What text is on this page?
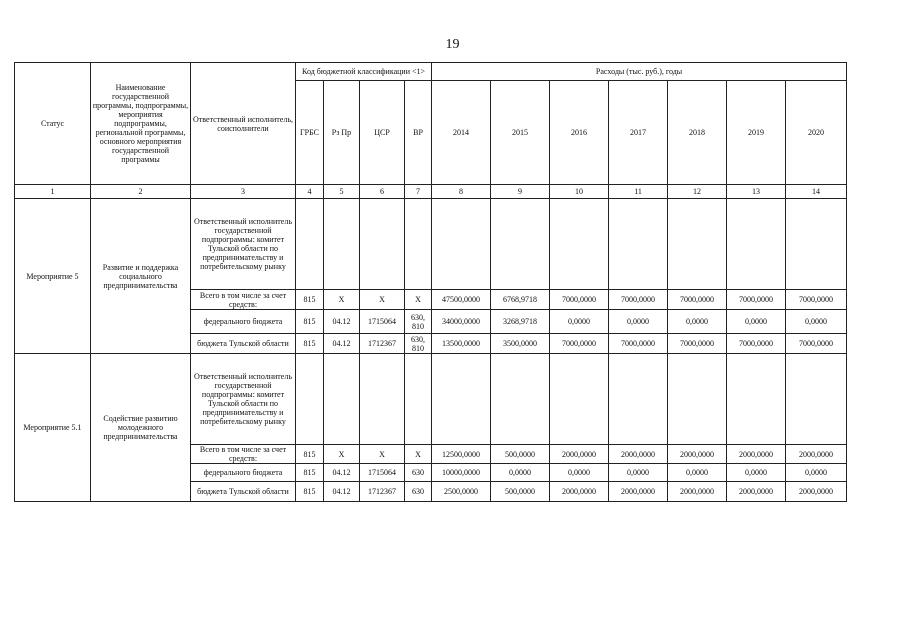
19
Статус	Наименование государственной программы, подпрограммы, мероприятия подпрограммы, региональной программы, основного мероприятия государственной программы	Ответственный исполнитель, соисполнители	Код бюджетной классификации <1>				Расходы (тыс. руб.), годы						
			ГРБС	Рз Пр	ЦСР	ВР	2014	2015	2016	2017	2018	2019	2020
1	2	3	4	5	6	7	8	9	10	11	12	13	14
Мероприятие 5	Развитие и поддержка социального предпринимательства	Ответственный исполнитель государственной подпрограммы: комитет Тульской области по предпринимательству и потребительскому рынку											
		Всего в том числе за счет средств:	815	X	X	X	47500,0000	6768,9718	7000,0000	7000,0000	7000,0000	7000,0000	7000,0000
		федерального бюджета	815	04.12	1715064	630, 810	34000,0000	3268,9718	0,0000	0,0000	0,0000	0,0000	0,0000
		бюджета Тульской области	815	04.12	1712367	630, 810	13500,0000	3500,0000	7000,0000	7000,0000	7000,0000	7000,0000	7000,0000
Мероприятие 5.1	Содействие развитию молодежного предпринимательства	Ответственный исполнитель государственной подпрограммы: комитет Тульской области по предпринимательству и потребительскому рынку											
		Всего в том числе за счет средств:	815	X	X	X	12500,0000	500,0000	2000,0000	2000,0000	2000,0000	2000,0000	2000,0000
		федерального бюджета	815	04.12	1715064	630	10000,0000	0,0000	0,0000	0,0000	0,0000	0,0000	0,0000
		бюджета Тульской области	815	04.12	1712367	630	2500,0000	500,0000	2000,0000	2000,0000	2000,0000	2000,0000	2000,0000
